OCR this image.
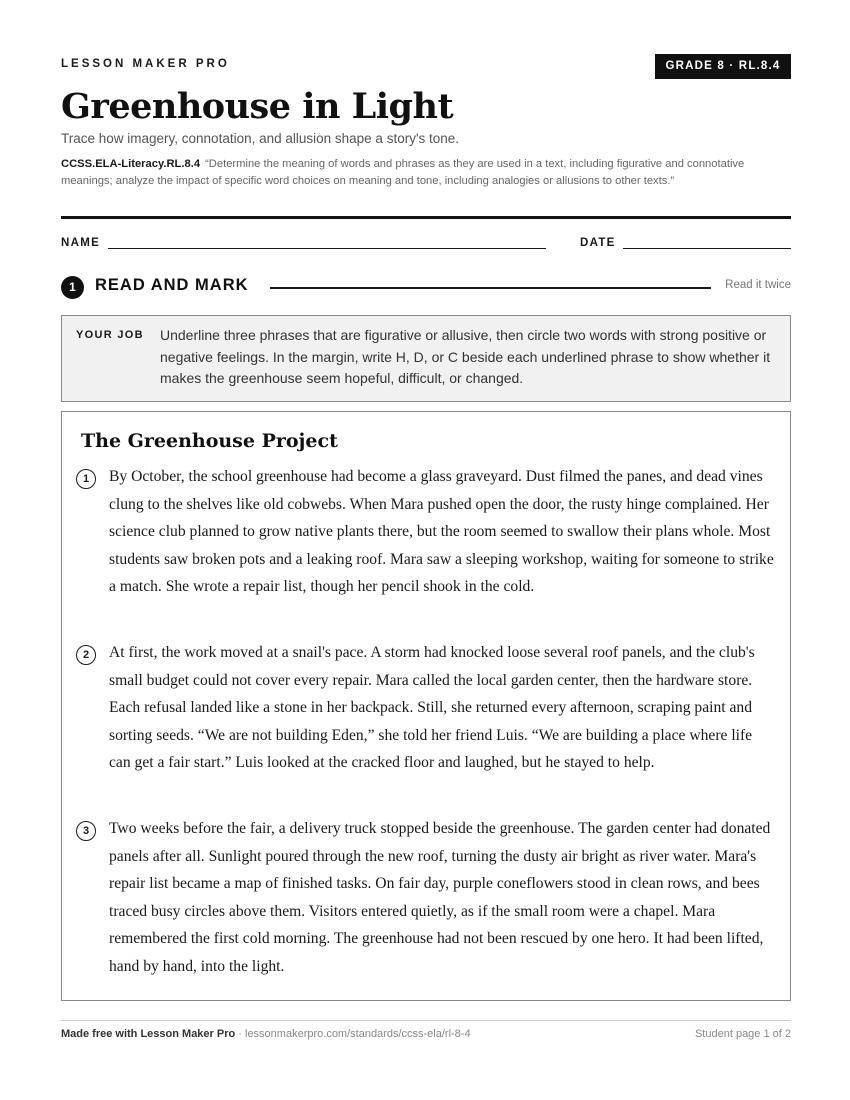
LESSON MAKER PRO	GRADE 8 · RL.8.4
Greenhouse in Light
Trace how imagery, connotation, and allusion shape a story's tone.
CCSS.ELA-Literacy.RL.8.4 “Determine the meaning of words and phrases as they are used in a text, including figurative and connotative meanings; analyze the impact of specific word choices on meaning and tone, including analogies or allusions to other texts.”
NAME	DATE
1	READ AND MARK	Read it twice
YOUR JOB Underline three phrases that are figurative or allusive, then circle two words with strong positive or negative feelings. In the margin, write H, D, or C beside each underlined phrase to show whether it makes the greenhouse seem hopeful, difficult, or changed.
The Greenhouse Project
1	By October, the school greenhouse had become a glass graveyard. Dust filmed the panes, and dead vines clung to the shelves like old cobwebs. When Mara pushed open the door, the rusty hinge complained. Her science club planned to grow native plants there, but the room seemed to swallow their plans whole. Most students saw broken pots and a leaking roof. Mara saw a sleeping workshop, waiting for someone to strike a match. She wrote a repair list, though her pencil shook in the cold.

2	At first, the work moved at a snail's pace. A storm had knocked loose several roof panels, and the club's small budget could not cover every repair. Mara called the local garden center, then the hardware store. Each refusal landed like a stone in her backpack. Still, she returned every afternoon, scraping paint and sorting seeds. “We are not building Eden,” she told her friend Luis. “We are building a place where life can get a fair start.” Luis looked at the cracked floor and laughed, but he stayed to help.

3	Two weeks before the fair, a delivery truck stopped beside the greenhouse. The garden center had donated panels after all. Sunlight poured through the new roof, turning the dusty air bright as river water. Mara's repair list became a map of finished tasks. On fair day, purple coneflowers stood in clean rows, and bees traced busy circles above them. Visitors entered quietly, as if the small room were a chapel. Mara remembered the first cold morning. The greenhouse had not been rescued by one hero. It had been lifted, hand by hand, into the light.

Made free with Lesson Maker Pro · lessonmakerpro.com/standards/ccss-ela/rl-8-4	Student page 1 of 2
